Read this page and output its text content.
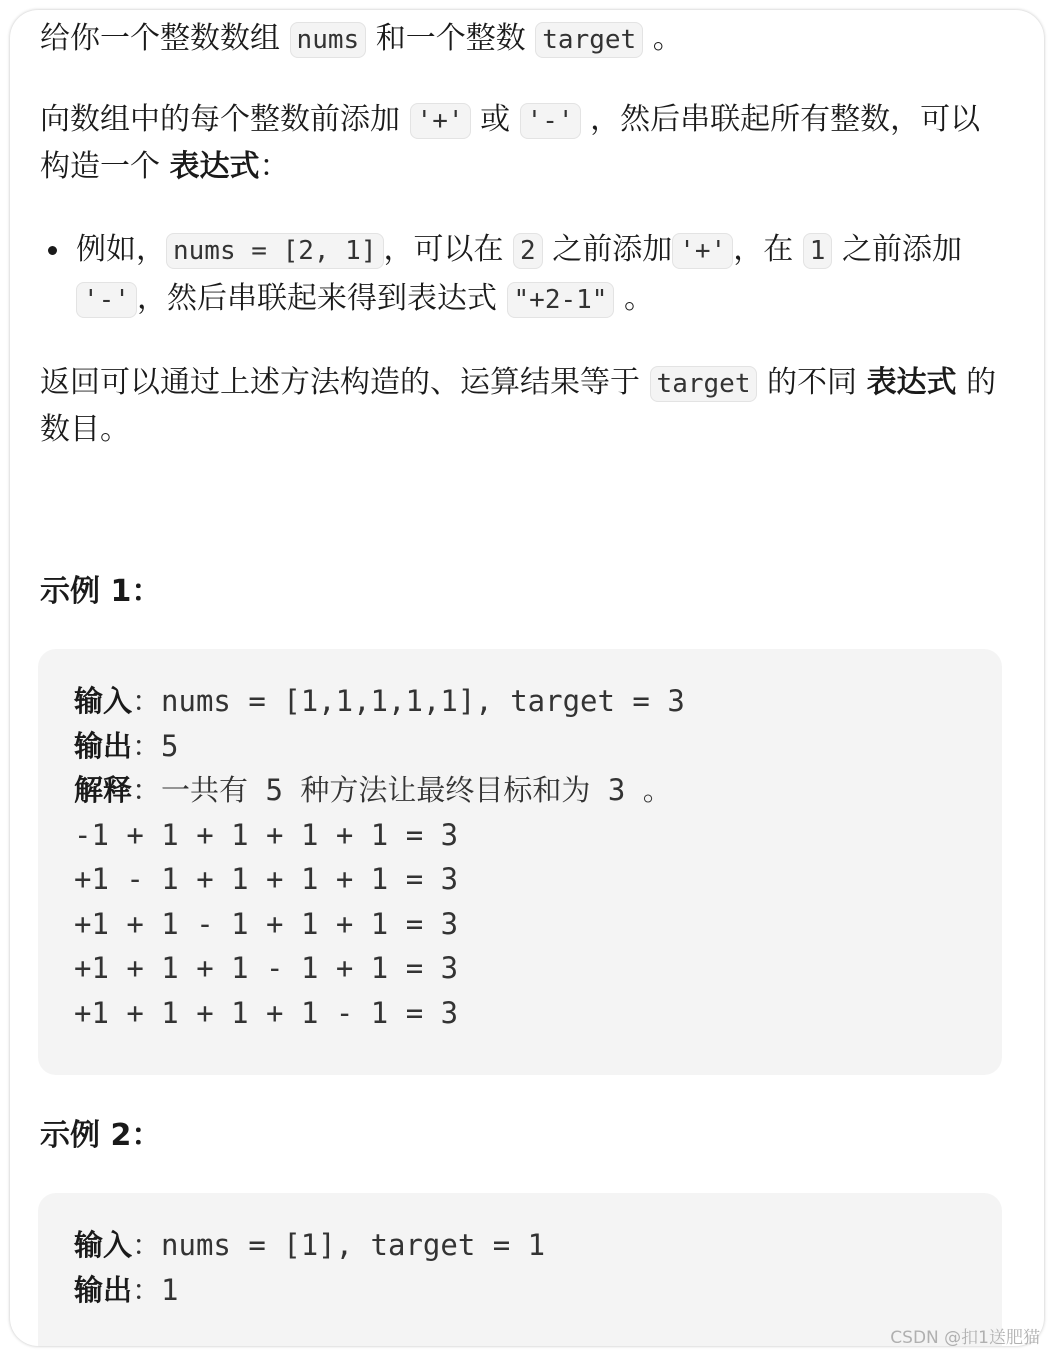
给你一个整数数组 nums 和一个整数 target 。

向数组中的每个整数前添加 '+' 或 '-' ，然后串联起所有整数，可以构造一个 表达式：

例如， nums = [2, 1] ，可以在 2 之前添加 '+' ，在 1 之前添加 '-' ，然后串联起来得到表达式 "+2-1" 。

返回可以通过上述方法构造的、运算结果等于 target 的不同 表达式 的数目。

示例 1：
输入：nums = [1,1,1,1,1], target = 3
输出：5
解释：一共有 5 种方法让最终目标和为 3 。
-1 + 1 + 1 + 1 + 1 = 3
+1 - 1 + 1 + 1 + 1 = 3
+1 + 1 - 1 + 1 + 1 = 3
+1 + 1 + 1 - 1 + 1 = 3
+1 + 1 + 1 + 1 - 1 = 3
示例 2：
输入：nums = [1], target = 1
输出：1
CSDN @扣1送肥猫
